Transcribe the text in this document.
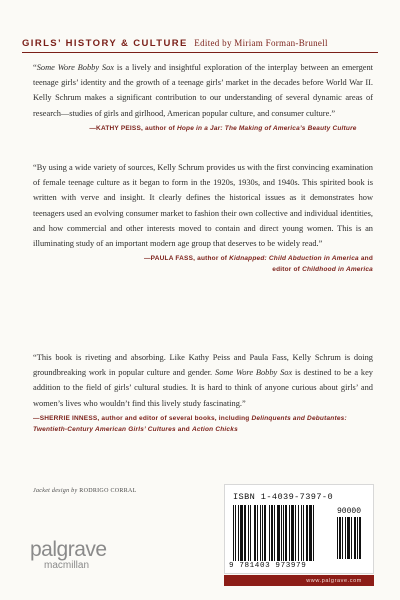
GIRLS’ HISTORY & CULTURE Edited by Miriam Forman-Brunell

“Some Wore Bobby Sox is a lively and insightful exploration of the interplay between an emergent teenage girls’ identity and the growth of a teenage girls’ market in the decades before World War II. Kelly Schrum makes a significant contribution to our understanding of several dynamic areas of research—studies of girls and girlhood, American popular culture, and consumer culture.”

—KATHY PEISS, author of Hope in a Jar: The Making of America’s Beauty Culture

“By using a wide variety of sources, Kelly Schrum provides us with the first convincing examination of female teenage culture as it began to form in the 1920s, 1930s, and 1940s. This spirited book is written with verve and insight. It clearly defines the historical issues as it demonstrates how teenagers used an evolving consumer market to fashion their own collective and individual identities, and how commercial and other interests moved to contain and direct young women. This is an illuminating study of an important modern age group that deserves to be widely read.”

—PAULA FASS, author of Kidnapped: Child Abduction in America and
editor of Childhood in America

“This book is riveting and absorbing. Like Kathy Peiss and Paula Fass, Kelly Schrum is doing groundbreaking work in popular culture and gender. Some Wore Bobby Sox is destined to be a key addition to the field of girls’ cultural studies. It is hard to think of anyone curious about girls’ and women’s lives who wouldn’t find this lively study fascinating.”

—SHERRIE INNESS, author and editor of several books, including Delinquents and Debutantes:
Twentieth-Century American Girls’ Cultures and Action Chicks
Jacket design by RODRIGO CORRAL
palgrave
macmillan
ISBN 1-4039-7397-0
90000
9 781403 973979
www.palgrave.com
